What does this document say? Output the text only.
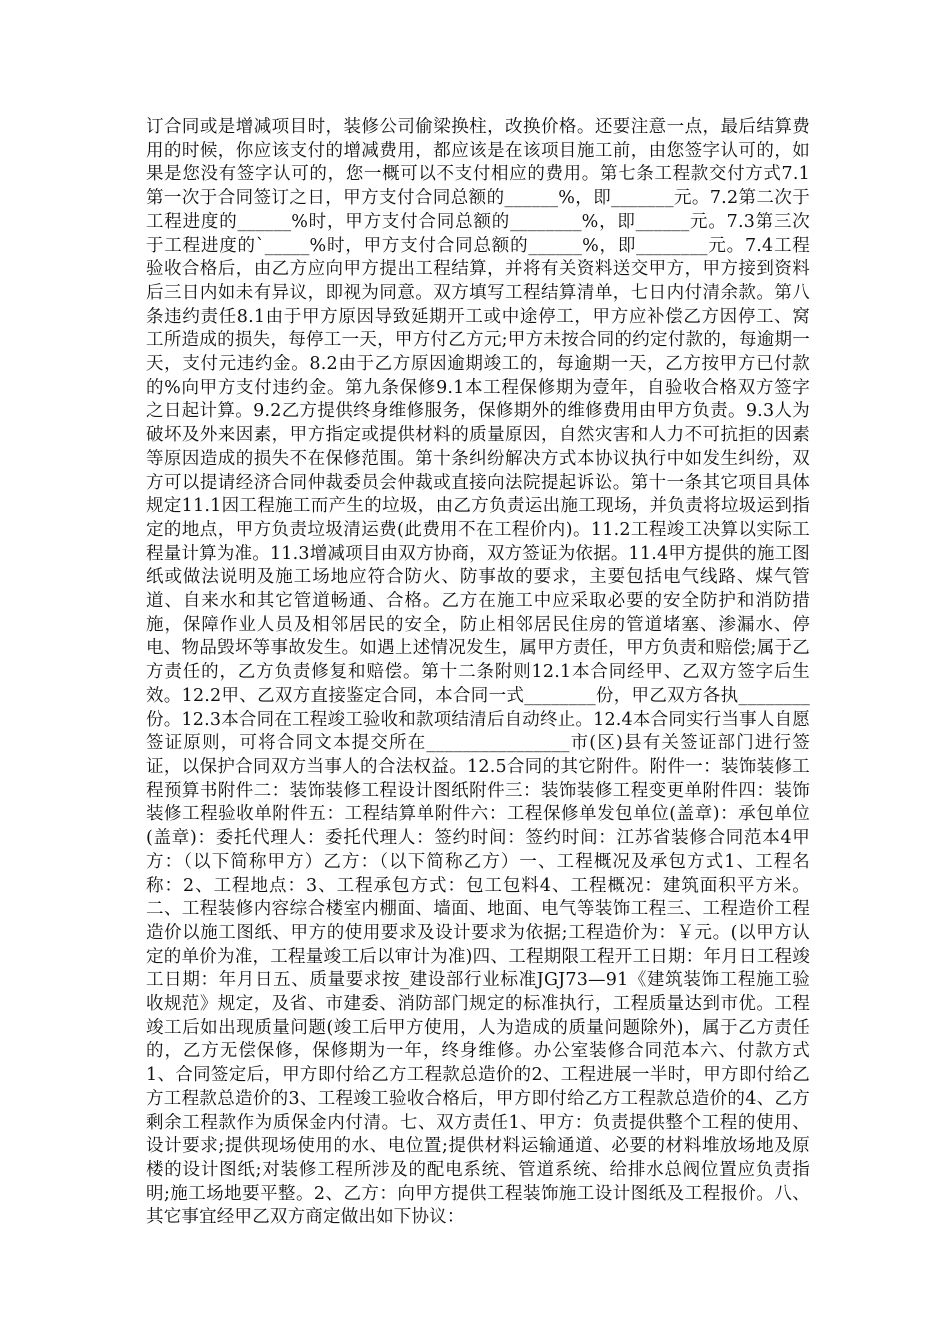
订合同或是增减项目时，装修公司偷梁换柱，改换价格。还要注意一点，最后结算费用的时候，你应该支付的增减费用，都应该是在该项目施工前，由您签字认可的，如果是您没有签字认可的，您一概可以不支付相应的费用。第七条工程款交付方式7.1第一次于合同签订之日，甲方支付合同总额的______%，即_______元。7.2第二次于工程进度的______%时，甲方支付合同总额的________%，即______元。7.3第三次于工程进度的`_____%时，甲方支付合同总额的______%，即________元。7.4工程验收合格后，由乙方应向甲方提出工程结算，并将有关资料送交甲方，甲方接到资料后三日内如未有异议，即视为同意。双方填写工程结算清单，七日内付清余款。第八条违约责任8.1由于甲方原因导致延期开工或中途停工，甲方应补偿乙方因停工、窝工所造成的损失，每停工一天，甲方付乙方元;甲方未按合同的约定付款的，每逾期一天，支付元违约金。8.2由于乙方原因逾期竣工的，每逾期一天，乙方按甲方已付款的%向甲方支付违约金。第九条保修9.1本工程保修期为壹年，自验收合格双方签字之日起计算。9.2乙方提供终身维修服务，保修期外的维修费用由甲方负责。9.3人为破坏及外来因素，甲方指定或提供材料的质量原因，自然灾害和人力不可抗拒的因素等原因造成的损失不在保修范围。第十条纠纷解决方式本协议执行中如发生纠纷，双方可以提请经济合同仲裁委员会仲裁或直接向法院提起诉讼。第十一条其它项目具体规定11.1因工程施工而产生的垃圾，由乙方负责运出施工现场，并负责将垃圾运到指定的地点，甲方负责垃圾清运费(此费用不在工程价内)。11.2工程竣工决算以实际工程量计算为准。11.3增减项目由双方协商，双方签证为依据。11.4甲方提供的施工图纸或做法说明及施工场地应符合防火、防事故的要求，主要包括电气线路、煤气管道、自来水和其它管道畅通、合格。乙方在施工中应采取必要的安全防护和消防措施，保障作业人员及相邻居民的安全，防止相邻居民住房的管道堵塞、渗漏水、停电、物品毁坏等事故发生。如遇上述情况发生，属甲方责任，甲方负责和赔偿;属于乙方责任的，乙方负责修复和赔偿。第十二条附则12.1本合同经甲、乙双方签字后生效。12.2甲、乙双方直接鉴定合同，本合同一式________份，甲乙双方各执________份。12.3本合同在工程竣工验收和款项结清后自动终止。12.4本合同实行当事人自愿签证原则，可将合同文本提交所在________________市(区)县有关签证部门进行签证，以保护合同双方当事人的合法权益。12.5合同的其它附件。附件一：装饰装修工程预算书附件二：装饰装修工程设计图纸附件三：装饰装修工程变更单附件四：装饰装修工程验收单附件五：工程结算单附件六：工程保修单发包单位(盖章)：承包单位(盖章)：委托代理人：委托代理人：签约时间：签约时间：江苏省装修合同范本4甲方：（以下简称甲方）乙方：（以下简称乙方）一、工程概况及承包方式1、工程名称：2、工程地点：3、工程承包方式：包工包料4、工程概况：建筑面积平方米。二、工程装修内容综合楼室内棚面、墙面、地面、电气等装饰工程三、工程造价工程造价以施工图纸、甲方的使用要求及设计要求为依据;工程造价为：￥元。(以甲方认定的单价为准，工程量竣工后以审计为准)四、工程期限工程开工日期：年月日工程竣工日期：年月日五、质量要求按_建设部行业标准JGJ73—91《建筑装饰工程施工验收规范》规定，及省、市建委、消防部门规定的标准执行，工程质量达到市优。工程竣工后如出现质量问题(竣工后甲方使用，人为造成的质量问题除外)，属于乙方责任的，乙方无偿保修，保修期为一年，终身维修。办公室装修合同范本六、付款方式1、合同签定后，甲方即付给乙方工程款总造价的2、工程进展一半时，甲方即付给乙方工程款总造价的3、工程竣工验收合格后，甲方即付给乙方工程款总造价的4、乙方剩余工程款作为质保金内付清。七、双方责任1、甲方：负责提供整个工程的使用、设计要求;提供现场使用的水、电位置;提供材料运输通道、必要的材料堆放场地及原楼的设计图纸;对装修工程所涉及的配电系统、管道系统、给排水总阀位置应负责指明;施工场地要平整。2、乙方：向甲方提供工程装饰施工设计图纸及工程报价。八、其它事宜经甲乙双方商定做出如下协议：
